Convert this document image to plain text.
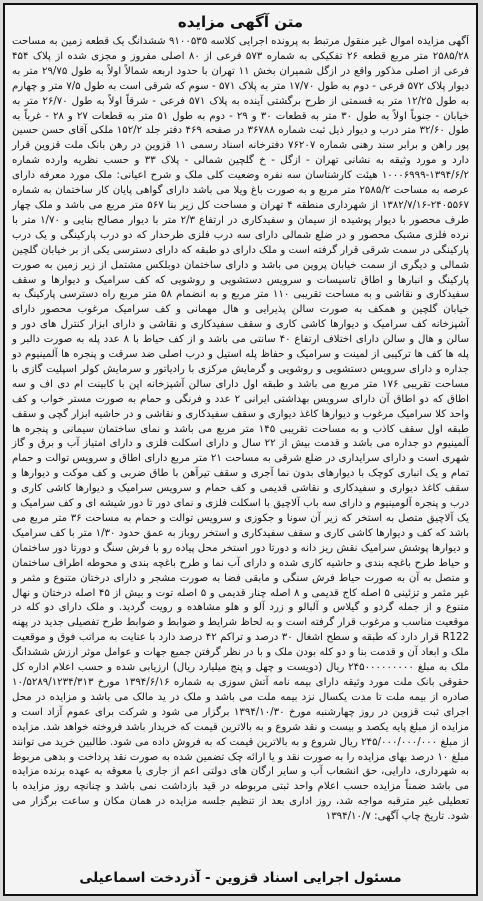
متن آگهی مزایده

آگهی مزایده اموال غیر منقول مرتبط به پرونده اجرایی کلاسه ۹۱۰۰۵۳۵ ششدانگ یک قطعه زمین به مساحت ۲۵۸۵/۲۸ متر مربع قطعه ۲۶ تفکیکی به شماره ۵۷۳ فرعی از ۸۰ اصلی مفروز و مجزی شده از پلاک ۴۵۴ فرعی از اصلی مذکور واقع در ازگل شمیران بخش ۱۱ تهران با حدود اربعه شمالاً اولاً به طول ۲۹/۷۵ متر به دیوار پلاک ۵۷۲ فرعی - دوم به طول ۱۷/۷۰ متر به پلاک ۵۷۱ - سوم که شرقی است به طول ۷/۵ متر و چهارم به طول ۱۲/۲۵ متر به قسمتی از طرح برگشتی آینده به پلاک ۵۷۱ فرعی - شرقاً اولاً به طول ۲۶/۷۰ متر به خیابان - جنوباً اولاً به طول ۳۰ متر به قطعات ۳۰ و ۲۹ - دوم به طول ۵۱ متر به قطعات ۲۷ و ۲۸ - غرباً به طول ۳۲/۶۰ متر درب و دیوار ذیل ثبت شماره ۳۶۷۸۸ در صفحه ۴۶۹ دفتر جلد ۱۵۲/۲ ملکی آقای حسن حسین پور راهن و برابر سند رهنی شماره ۷۶۲۰۷ دفترخانه اسناد رسمی ۱۱ قزوین در رهن بانک ملت قزوین قرار دارد و مورد وثیقه به نشانی تهران - ازگل - خ گلچین شمالی - پلاک ۳۳ و حسب نظریه وارده شماره ۱۳۹۴/۶/۲-۱۰۰۰۶۹۹۹ هیئت کارشناسان سه نفره وضعیت کلی ملک و شرح اعیانی: ملک مورد معرفه دارای عرصه به مساحت ۲۵۸۵/۲ متر مربع و به صورت باغ ویلا می باشد دارای گواهی پایان کار ساختمان به شماره ۲۴۰۵۵۶۷-۱۳۸۲/۷/۱۶ از شهرداری منطقه ۴ تهران و مساحت کل زیر بنا ۵۶۷ متر مربع می باشد و ملک چهار طرف محصور با دیوار پوشیده از سیمان و سفیدکاری در ارتفاع ۲/۳ متر با دیوار مصالح بنایی و ۱/۷۰ متر با نرده فلزی مشبک محصور و در ضلع شمالی دارای سه درب فلزی طرحدار که دو درب پارکینگی و یک درب پارکینگی در سمت شرقی قرار گرفته است و ملک دارای دو طبقه که دارای دسترسی یکی از بر خیابان گلچین شمالی و دیگری از سمت خیابان پروین می باشد و دارای ساختمان دوبلکس مشتمل از زیر زمین به صورت پارکینگ و انبارها و اطاق تاسیسات و سرویس دستشویی و روشویی که کف سرامیک و دیوارها و سقف سفیدکاری و نقاشی و به مساحت تقریبی ۱۱۰ متر مربع و به انضمام ۵۸ متر مربع راه دسترسی پارکینگ به خیابان گلچین و همکف به صورت سالن پذیرایی و هال مهمانی و کف سرامیک مرغوب محصور دارای آشپزخانه کف سرامیک و دیوارها کاشی کاری و سقف سفیدکاری و نقاشی و دارای ابزار کنترل های دور و سالن و هال و سالن دارای اختلاف ارتفاع ۴۰ سانتی می باشد و از کف حیاط با ۸ عدد پله به صورت دالبر و پله ها کف ها ترکیبی از لمینت و سرامیک و حفاظ پله استیل و درب اصلی ضد سرقت و پنجره ها آلمینیوم دو جداره و دارای سرویس دستشویی و روشویی و گرمایش مرکزی با رادیاتور و سرمایش کولر اسپلیت گازی با مساحت تقریبی ۱۷۶ متر مربع می باشد و طبقه اول دارای سالن آشپزخانه اپن با کابینت ام دی اف و سه اطاق که دو اطاق آن دارای سرویس بهداشتی ایرانی ۲ عدد و فرنگی و حمام به صورت مستر خواب و کف واحد کلا سرامیک مرغوب و دیوارها کاغذ دیواری و سقف سفیدکاری و نقاشی و در حاشیه ابزار گچی و سقف طبقه اول سقف کاذب و به مساحت تقریبی ۱۴۵ متر مربع می باشد و نمای ساختمان سیمانی و پنجره ها آلمینیوم دو جداره می باشد و قدمت بیش از ۲۲ سال و دارای اسکلت فلزی و دارای امتیاز آب و برق و گاز شهری است و دارای سرایداری در ضلع شرقی به مساحت ۲۱ متر مربع دارای اطاق و سرویس توالت و حمام تمام و یک انباری کوچک با دیوارهای بدون نما آجری و سقف تیرآهن با طاق ضربی و کف موکت و دیوارها و سقف کاغذ دیواری و سفیدکاری و نقاشی قدیمی و کف حمام و سرویس سرامیک و دیوارها کاشی کاری و درب و پنجره آلومینیوم و دارای سه باب آلاچیق با اسکلت فلزی و نمای دور تا دور شیشه ای و کف سرامیک و یک آلاچیق متصل به استخر که زیر آن سونا و جکوزی و سرویس توالت و حمام به مساحت ۳۶ متر مربع می باشد که کف و دیوارها کاشی کاری و سقف سفیدکاری و استخر روباز به عمق حدود ۱/۳۰ متر با کف سرامیک و دیوارها پوشش سرامیک نقش ریز دانه و دورتا دور استخر محل پیاده رو با فرش سنگ و دورتا دور ساختمان و حیاط طرح باغچه بندی و حاشیه کاری شده و دارای آب نما و طرح باغچه بندی و محوطه اطراف ساختمان و متصل به آن به صورت حیاط فرش سنگی و مابقی فضا به صورت مشجر و دارای درختان متنوع و مثمر و غیر مثمر و تزئینی ۵ اصله کاج قدیمی و ۸ اصله چنار قدیمی و ۵ اصله توت و بیش از ۴۵ اصله درختان و نهال متنوع و از جمله گردو و گیلاس و آلبالو و زرد آلو و هلو مشاهده و رویت گردید. و ملک دارای دو کله در موقعیت مناسب و مرغوب قرار گرفته است و به لحاظ شرایط و ضوابط و ضوابط طرح تفصیلی جدید در پهنه R122 قرار دارد که طبقه و سطح اشغال ۳۰ درصد و تراکم ۴۲ درصد دارد با عنایت به مراتب فوق و موقعیت ملک و ابعاد آن و قدمت بنا و دو کله بودن ملک و با در نظر گرفتن جمیع جهات و عوامل موثر ارزش ششدانگ ملک به مبلغ ۲۴۵۰۰۰۰۰۰۰۰۰ ریال (دویست و چهل و پنج میلیارد ریال) ارزیابی شده و حسب اعلام اداره کل حقوقی بانک ملت مورد وثیقه دارای بیمه نامه آتش سوزی به شماره ۱۳۹۴/۶/۱۶ مورخ ۱۰/۵۲۸۹/۱۲۳۴/۳۱۳ صادره از بیمه ملت تا مدت یکسال نزد بیمه ملت می باشد و ملک در ید مالک می باشد و مزایده در محل اجرای ثبت قزوین در روز چهارشنبه مورخ ۱۳۹۴/۱۰/۳۰ برگزار می شود و شرکت برای عموم آزاد است و مزایده از مبلغ پایه یکصد و بیست و نقد شروع و به بالاترین قیمت که خریدار باشد فروخته خواهد شد. مزایده از مبلغ ۲۴۵/۰۰۰/۰۰۰/۰۰۰ ریال شروع و به بالاترین قیمت که به فروش داده می شود. طالبین خرید می توانند مبلغ ۱۰ درصد بهای مزایده را به صورت نقد و یا ارائه چک تضمین شده به صورت نقد پرداخت و بدهی مربوط به شهرداری، دارایی، حق انشعاب آب و سایر ارگان های دولتی اعم از جاری یا معوقه به عهده برنده مزایده می باشد ضمناً مزایده حسب اعلام واحد ثبتی مربوطه در قید بازداشت نمی باشد و چنانچه روز مزایده با تعطیلی غیر مترقبه مواجه شد، روز اداری بعد از تنظیم جلسه مزایده در همان مکان و ساعت برگزار می شود. تاریخ چاپ آگهی: ۱۳۹۴/۱۰/۷

مسئول اجرایی اسناد قزوین - آذردخت اسماعیلی
